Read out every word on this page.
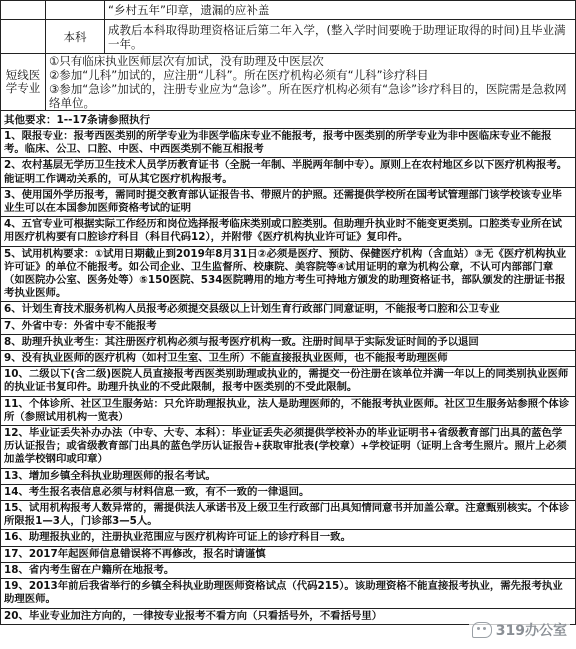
		“乡村五年”印章，遗漏的应补盖
	本科	成教后本科取得助理资格证后第二年入学，(整入学时间要晚于助理证取得的时间)且毕业满一年。
短线医学专业	①只有临床执业医师层次有加试，没有助理及中医层次
②参加“儿科”加试的，应注册“儿科”。所在医疗机构必须有“儿科”诊疗科目
③参加“急诊”加试的，注册专业应为“急诊”。所在医疗机构必须有“急诊”诊疗科目的，医院需是急救网络单位。	

其他要求：1--17条请参照执行		
1、限报专业：报考西医类别的所学专业为非医学临床专业不能报考，报考中医类别的所学专业为非中医临床专业不能报考。临床、公卫、口腔、中医、中西医类别不能互相报考		
2、农村基层无学历卫生技术人员学历教育证书（全脱一年制、半脱两年制中专）。原则上在农村地区乡以下医疗机构报考。能证明工作调动关系的，可从其它医疗机构报考。		
3、使用国外学历报考，需同时提交教育部认证报告书、带照片的护照。还需提供学校所在国考试管理部门该学校该专业毕业生可以在本国参加医师资格考试的证明		
4、五官专业可根据实际工作经历和岗位选择报考临床类别或口腔类别。但助理升执业时不能变更类别。口腔类专业所在试用医疗机构要有口腔诊疗科目（科目代码12），并附带《医疗机构执业许可证》复印件。		
5、试用机构要求：①试用日期截止到2019年8月31日②必须是医疗、预防、保健医疗机构（含血站）③无《医疗机构执业许可证》的单位不能报考。如公司企业、卫生监督所、校康院、美容院等④试用证明的章为机构公章，不认可内部部门章（如医院办公室、医务处等）⑤150医院、534医院聘用的地方考生可持地方颁发的助理资格证书，部队颁发的注册证书报考执业医师。		
6、计划生育技术服务机构人员报考必须提交县级以上计划生育行政部门同意证明，不能报考口腔和公卫专业		
7、外省中专：外省中专不能报考		
8、助理升执业考生：其注册医疗机构必须与报考医疗机构一致。注册时间早于实际发证时间的予以退回		
9、没有执业医师的医疗机构（如村卫生室、卫生所）不能直接报执业医师，也不能报考助理医师		
10、二级以下(含二级)医院人员直接报考西医类别助理或执业的，需提交一份注册在该单位并满一年以上的同类别执业医师的执业证书复印件。助理升执业的不受此限制，报考中医类别的不受此限制。		
11、个体诊所、社区卫生服务站：只允许助理报执业，法人是助理医师的，不能报考执业医师。社区卫生服务站参照个体诊所（参照试用机构一览表）		
12、毕业证丢失补办办法（中专、大专、本科）：毕业证丢失必须提供学校补办的毕业证明书+省级教育部门出具的蓝色学历认证报告；或省级教育部门出具的蓝色学历认证报告+获取审批表(学校章）+学校证明（证明上含考生照片。照片上必须加盖学校钢印或印章）		
13、增加乡镇全科执业助理医师的报名考试。		
14、考生报名表信息必须与材料信息一致，有不一致的一律退回。		
15、试用机构报考人数异常的，需提供法人承诺书及上级卫生行政部门出具知情同意书并加盖公章。注意甄别核实。个体诊所限报1—3人，门诊部3—5人。		
16、助理报执业的，注册执业范围应与医疗机构许可证上的诊疗科目一致。		
17、2017年起医师信息错误将不再修改，报名时请谨慎		
18、省内考生留在户籍所在地报考。		
19、2013年前后我省举行的乡镇全科执业助理医师资格试点（代码215）。该助理资格不能直接报考执业，需先报考执业助理医师。		
20、毕业专业加注方向的，一律按专业报考不看方向（只看括号外，不看括号里）		
319办公室
